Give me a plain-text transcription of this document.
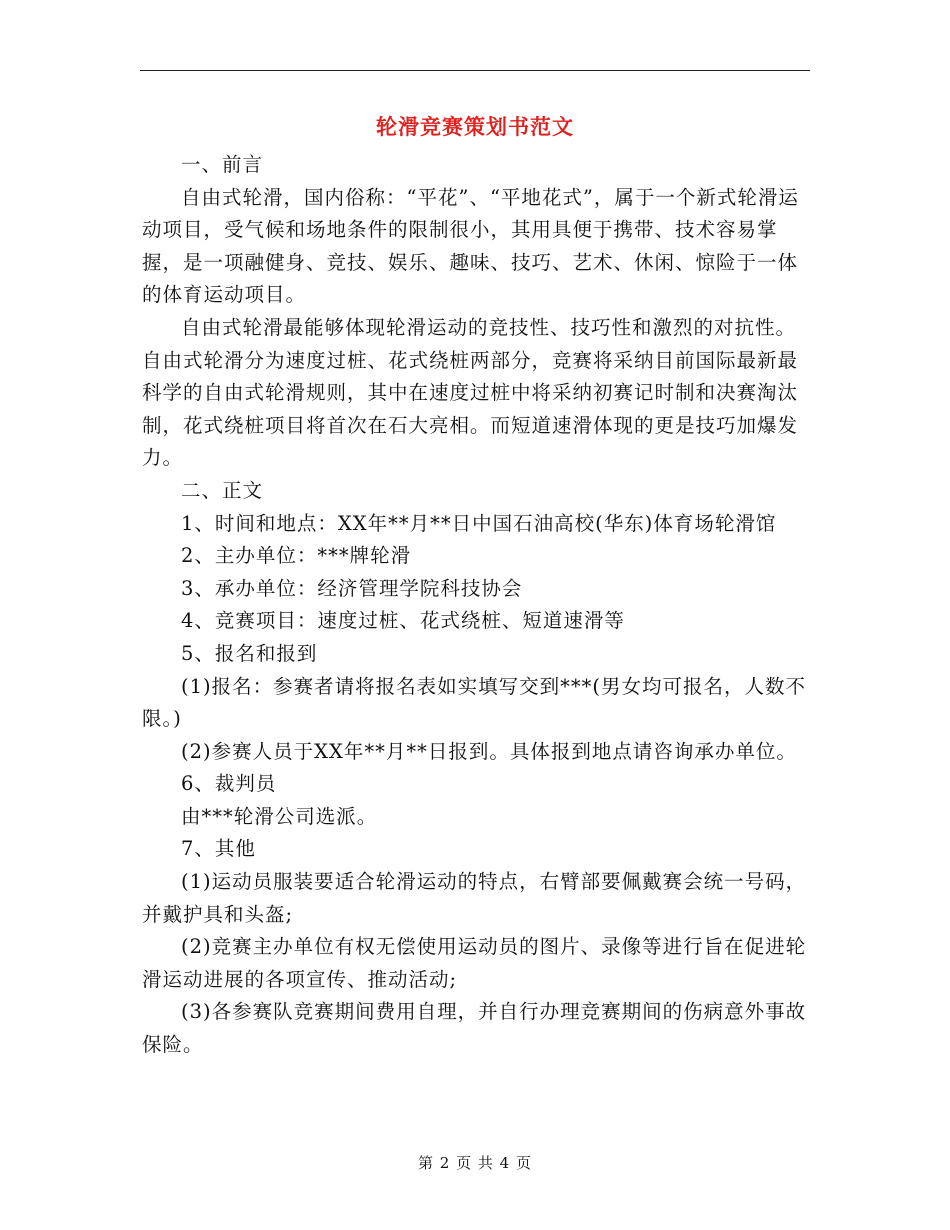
轮滑竞赛策划书范文

一、前言

自由式轮滑，国内俗称：“平花”、“平地花式”，属于一个新式轮滑运动项目，受气候和场地条件的限制很小，其用具便于携带、技术容易掌握，是一项融健身、竞技、娱乐、趣味、技巧、艺术、休闲、惊险于一体的体育运动项目。

自由式轮滑最能够体现轮滑运动的竞技性、技巧性和激烈的对抗性。自由式轮滑分为速度过桩、花式绕桩两部分，竞赛将采纳目前国际最新最科学的自由式轮滑规则，其中在速度过桩中将采纳初赛记时制和决赛淘汰制，花式绕桩项目将首次在石大亮相。而短道速滑体现的更是技巧加爆发力。

二、正文

1、时间和地点：XX年**月**日中国石油高校(华东)体育场轮滑馆

2、主办单位：***牌轮滑

3、承办单位：经济管理学院科技协会

4、竞赛项目：速度过桩、花式绕桩、短道速滑等

5、报名和报到

(1)报名：参赛者请将报名表如实填写交到***(男女均可报名，人数不限。)

(2)参赛人员于XX年**月**日报到。具体报到地点请咨询承办单位。

6、裁判员

由***轮滑公司选派。

7、其他

(1)运动员服装要适合轮滑运动的特点，右臂部要佩戴赛会统一号码，并戴护具和头盔;

(2)竞赛主办单位有权无偿使用运动员的图片、录像等进行旨在促进轮滑运动进展的各项宣传、推动活动;

(3)各参赛队竞赛期间费用自理，并自行办理竞赛期间的伤病意外事故保险。

第 2 页 共 4 页
